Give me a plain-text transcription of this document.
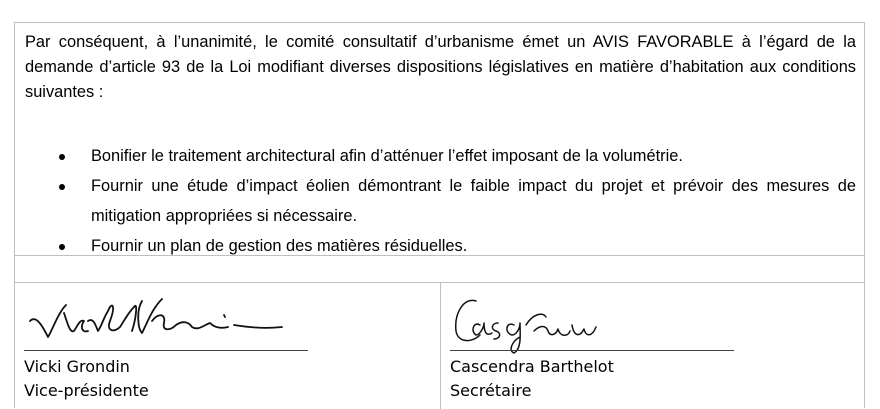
Par conséquent, à l’unanimité, le comité consultatif d’urbanisme émet un AVIS FAVORABLE à l’égard de la demande d’article 93 de la Loi modifiant diverses dispositions législatives en matière d’habitation aux conditions suivantes :

Bonifier le traitement architectural afin d’atténuer l’effet imposant de la volumétrie.
Fournir une étude d’impact éolien démontrant le faible impact du projet et prévoir des mesures de mitigation appropriées si nécessaire.
Fournir un plan de gestion des matières résiduelles.
Vicki Grondin
Vice-présidente
Cascendra Barthelot
Secrétaire
